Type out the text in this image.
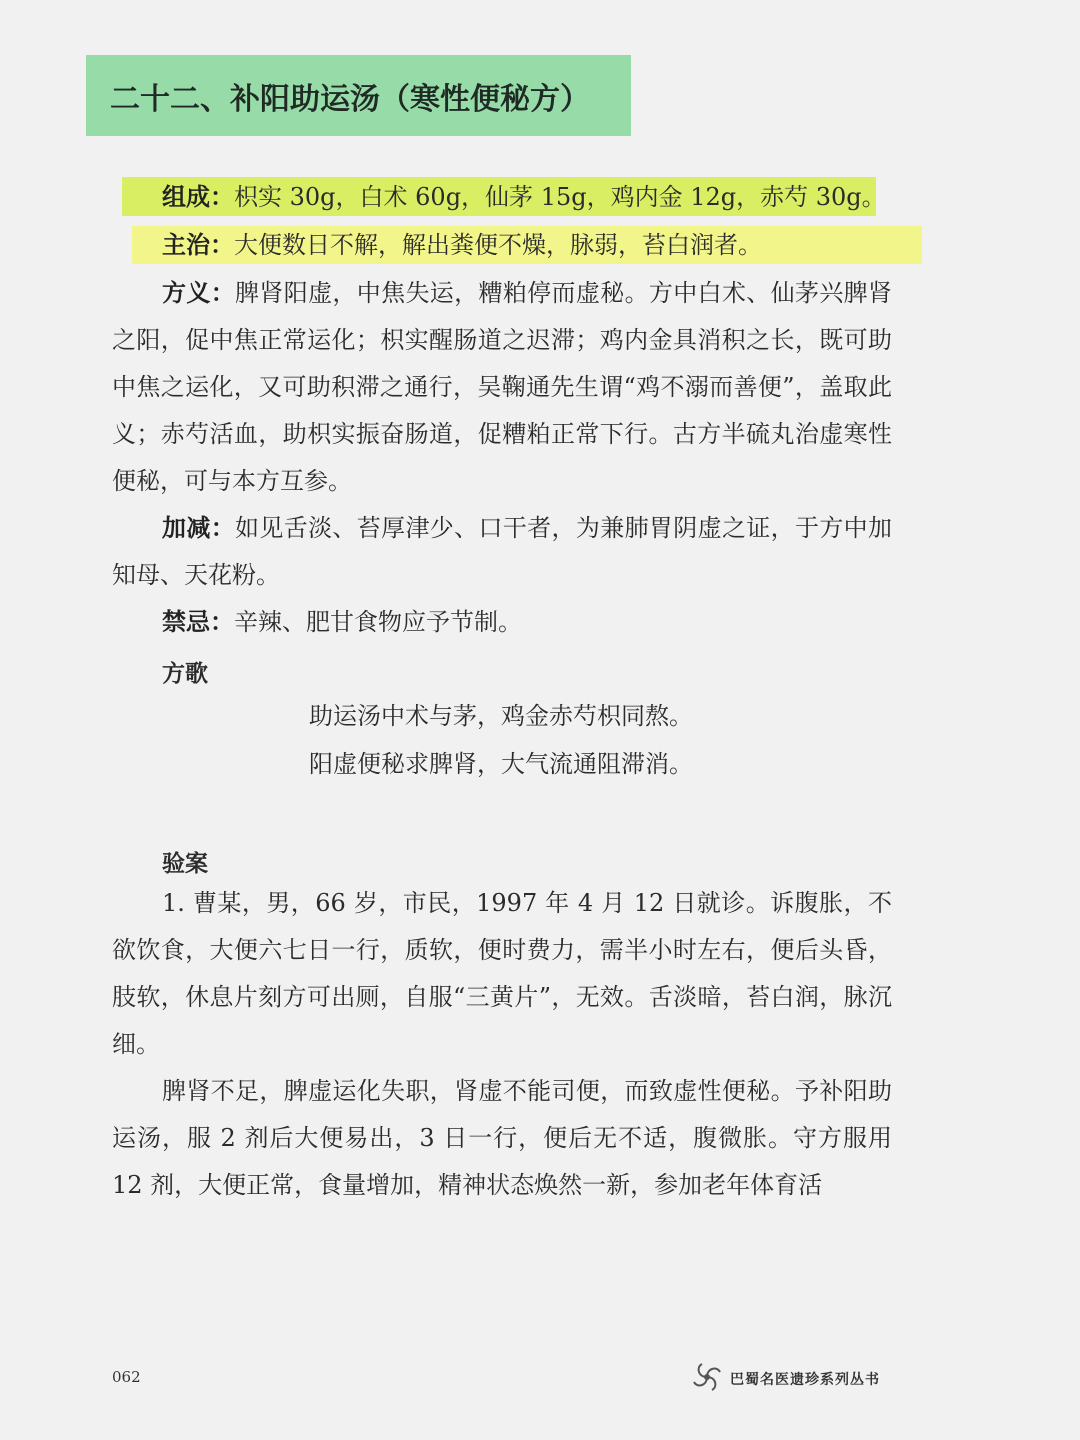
二十二、补阳助运汤（寒性便秘方）
组成：枳实 30g，白术 60g，仙茅 15g，鸡内金 12g，赤芍 30g。
主治：大便数日不解，解出粪便不燥，脉弱，苔白润者。

方义：脾肾阳虚，中焦失运，糟粕停而虚秘。方中白术、仙茅兴脾肾之阳，促中焦正常运化；枳实醒肠道之迟滞；鸡内金具消积之长，既可助中焦之运化，又可助积滞之通行，吴鞠通先生谓“鸡不溺而善便”，盖取此义；赤芍活血，助枳实振奋肠道，促糟粕正常下行。古方半硫丸治虚寒性便秘，可与本方互参。

加减：如见舌淡、苔厚津少、口干者，为兼肺胃阴虚之证，于方中加知母、天花粉。

禁忌：辛辣、肥甘食物应予节制。
方歌
助运汤中术与茅，鸡金赤芍枳同熬。
阳虚便秘求脾肾，大气流通阻滞消。
验案

1. 曹某，男，66 岁，市民，1997 年 4 月 12 日就诊。诉腹胀，不欲饮食，大便六七日一行，质软，便时费力，需半小时左右，便后头昏，肢软，休息片刻方可出厕，自服“三黄片”，无效。舌淡暗，苔白润，脉沉细。

脾肾不足，脾虚运化失职，肾虚不能司便，而致虚性便秘。予补阳助运汤，服 2 剂后大便易出，3 日一行，便后无不适，腹微胀。守方服用 12 剂，大便正常，食量增加，精神状态焕然一新，参加老年体育活

062	巴蜀名医遗珍系列丛书
